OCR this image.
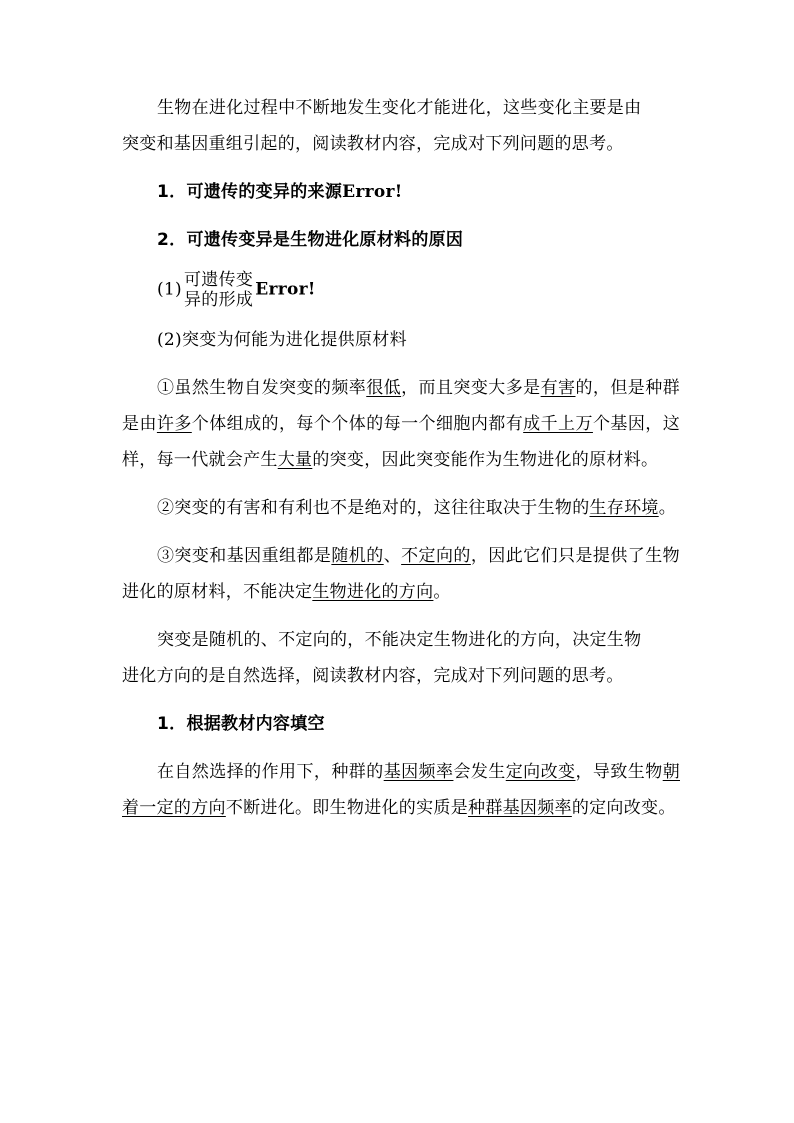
生物在进化过程中不断地发生变化才能进化，这些变化主要是由
突变和基因重组引起的，阅读教材内容，完成对下列问题的思考。

1．可遗传的变异的来源Error!

2．可遗传变异是生物进化原材料的原因

(1) 可遗传变
异的形成
Error!

(2)突变为何能为进化提供原材料

①虽然生物自发突变的频率很低，而且突变大多是有害的，但是种群是由许多个体组成的，每个个体的每一个细胞内都有成千上万个基因，这样，每一代就会产生大量的突变，因此突变能作为生物进化的原材料。

②突变的有害和有利也不是绝对的，这往往取决于生物的生存环境。

③突变和基因重组都是随机的、不定向的，因此它们只是提供了生物进化的原材料，不能决定生物进化的方向。

突变是随机的、不定向的，不能决定生物进化的方向，决定生物
进化方向的是自然选择，阅读教材内容，完成对下列问题的思考。

1．根据教材内容填空

在自然选择的作用下，种群的基因频率会发生定向改变，导致生物朝着一定的方向不断进化。即生物进化的实质是种群基因频率的定向改变。
